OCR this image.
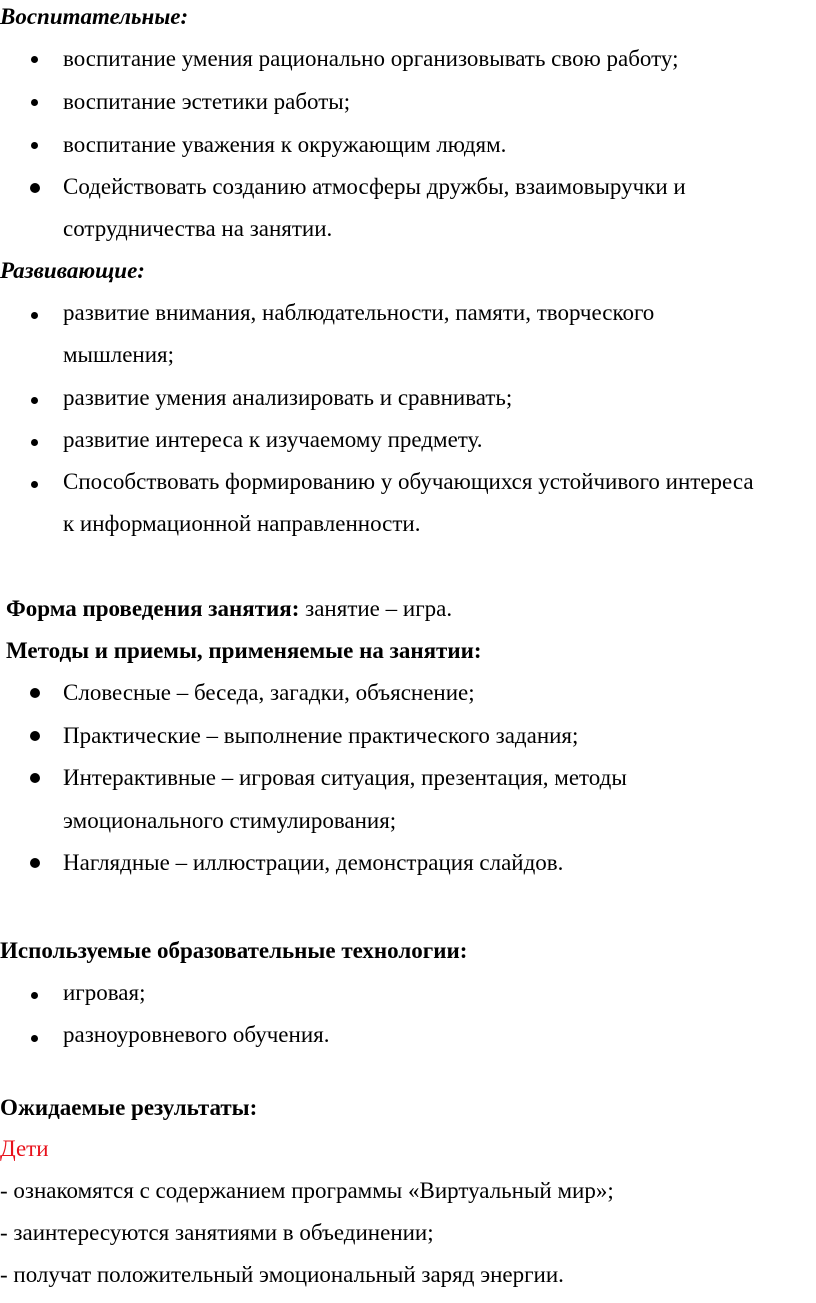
Воспитательные:
воспитание умения рационально организовывать свою работу;
воспитание эстетики работы;
воспитание уважения к окружающим людям.
Содействовать созданию атмосферы дружбы, взаимовыручки и
сотрудничества на занятии.
Развивающие:
развитие внимания, наблюдательности, памяти, творческого
мышления;
развитие умения анализировать и сравнивать;
развитие интереса к изучаемому предмету.
Способствовать формированию у обучающихся устойчивого интереса
к информационной направленности.
Форма проведения занятия: занятие – игра.
Методы и приемы, применяемые на занятии:
Словесные – беседа, загадки, объяснение;
Практические – выполнение практического задания;
Интерактивные – игровая ситуация, презентация, методы
эмоционального стимулирования;
Наглядные – иллюстрации, демонстрация слайдов.
Используемые образовательные технологии:
игровая;
разноуровневого обучения.
Ожидаемые результаты:
Дети
- ознакомятся с содержанием программы «Виртуальный мир»;
- заинтересуются занятиями в объединении;
- получат положительный эмоциональный заряд энергии.
